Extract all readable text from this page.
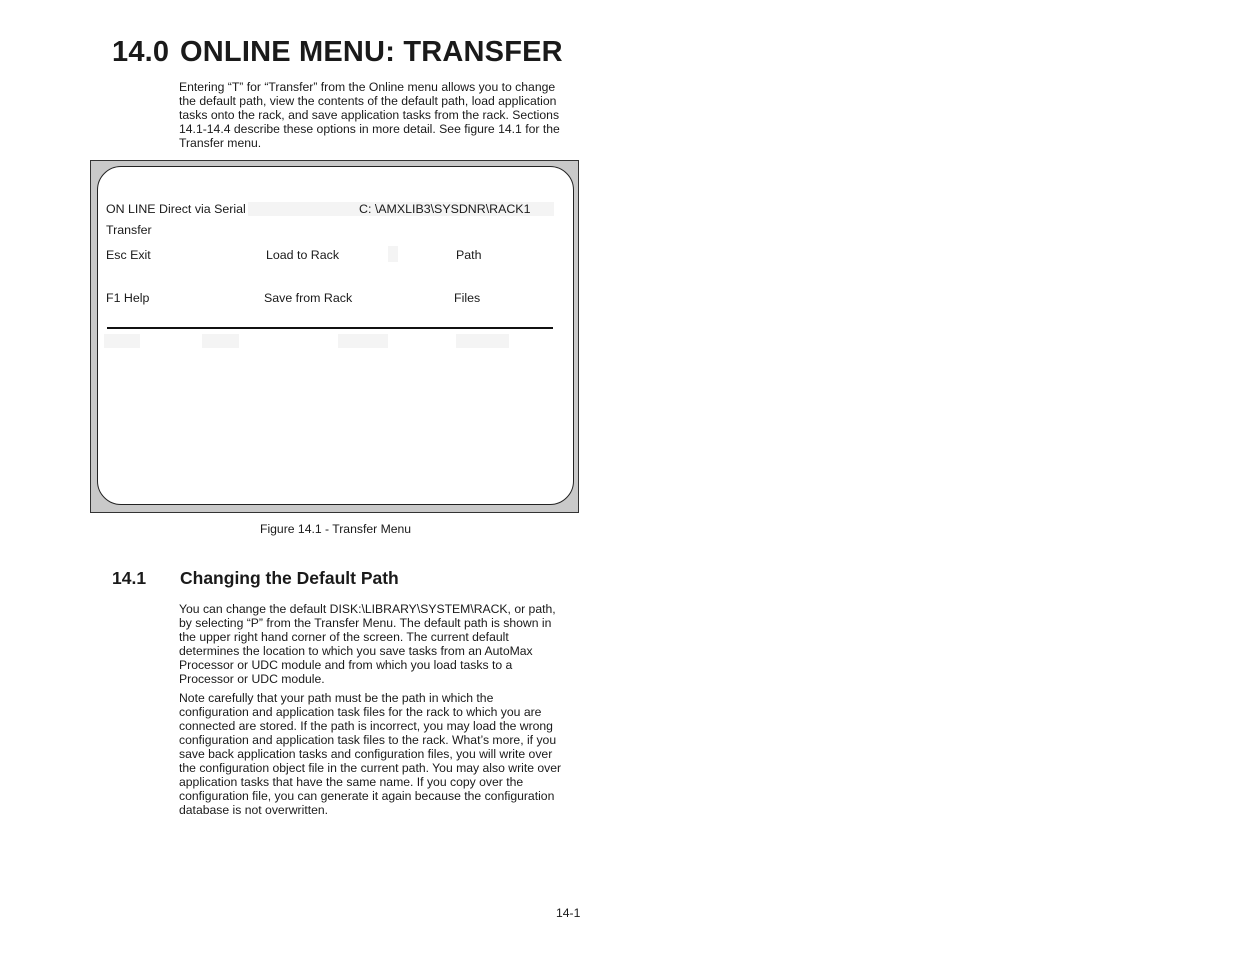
14.0 ONLINE MENU: TRANSFER
Entering “T” for “Transfer” from the Online menu allows you to change the default path, view the contents of the default path, load application tasks onto the rack, and save application tasks from the rack. Sections 14.1-14.4 describe these options in more detail. See figure 14.1 for the Transfer menu.
ON LINE Direct via Serial	C: \AMXLIB3\SYSDNR\RACK1
Transfer
Esc Exit	Load to Rack	Path
F1 Help	Save from Rack	Files
Figure 14.1 - Transfer Menu
14.1 Changing the Default Path
You can change the default DISK:\LIBRARY\SYSTEM\RACK, or path, by selecting “P” from the Transfer Menu. The default path is shown in the upper right hand corner of the screen. The current default determines the location to which you save tasks from an AutoMax Processor or UDC module and from which you load tasks to a Processor or UDC module.
Note carefully that your path must be the path in which the configuration and application task files for the rack to which you are connected are stored. If the path is incorrect, you may load the wrong configuration and application task files to the rack. What’s more, if you save back application tasks and configuration files, you will write over the configuration object file in the current path. You may also write over application tasks that have the same name. If you copy over the configuration file, you can generate it again because the configuration database is not overwritten.
14-1
